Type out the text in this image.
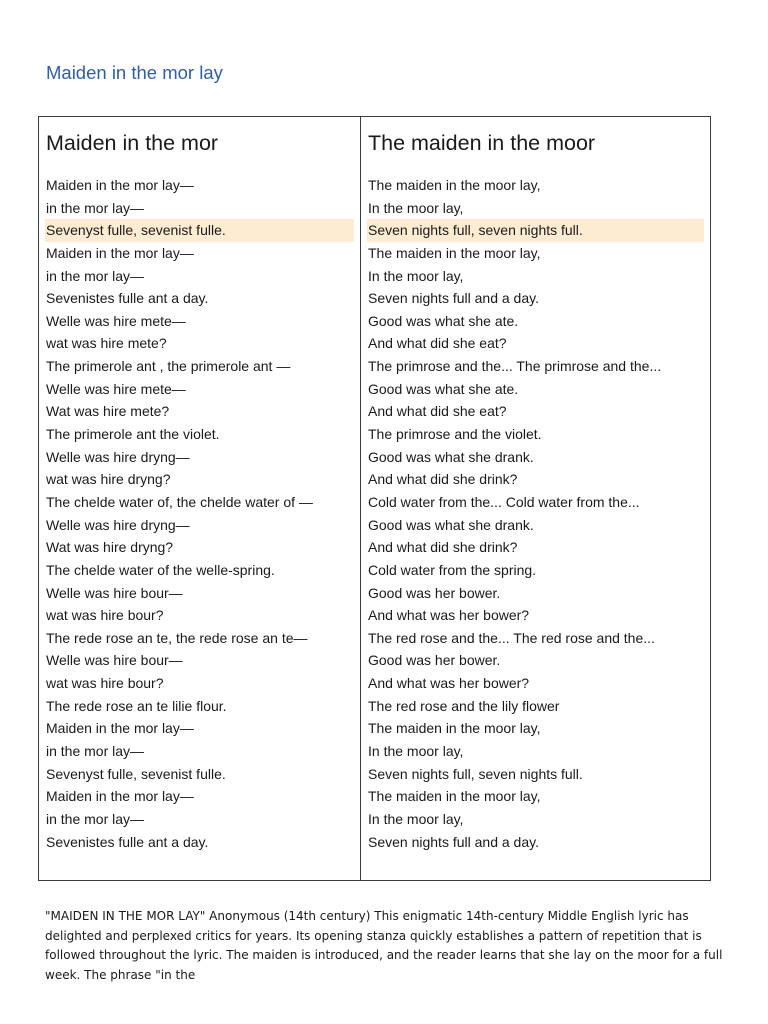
Maiden in the mor lay
Maiden in the mor
Maiden in the mor lay—
in the mor lay—
Sevenyst fulle, sevenist fulle.
Maiden in the mor lay—
in the mor lay—
Sevenistes fulle ant a day.
Welle was hire mete—
wat was hire mete?
The primerole ant , the primerole ant —
Welle was hire mete—
Wat was hire mete?
The primerole ant the violet.
Welle was hire dryng—
wat was hire dryng?
The chelde water of, the chelde water of —
Welle was hire dryng—
Wat was hire dryng?
The chelde water of the welle-spring.
Welle was hire bour—
wat was hire bour?
The rede rose an te, the rede rose an te—
Welle was hire bour—
wat was hire bour?
The rede rose an te lilie flour.
Maiden in the mor lay—
in the mor lay—
Sevenyst fulle, sevenist fulle.
Maiden in the mor lay—
in the mor lay—
Sevenistes fulle ant a day.
The maiden in the moor
The maiden in the moor lay,
In the moor lay,
Seven nights full, seven nights full.
The maiden in the moor lay,
In the moor lay,
Seven nights full and a day.
Good was what she ate.
And what did she eat?
The primrose and the... The primrose and the...
Good was what she ate.
And what did she eat?
The primrose and the violet.
Good was what she drank.
And what did she drink?
Cold water from the... Cold water from the...
Good was what she drank.
And what did she drink?
Cold water from the spring.
Good was her bower.
And what was her bower?
The red rose and the... The red rose and the...
Good was her bower.
And what was her bower?
The red rose and the lily flower
The maiden in the moor lay,
In the moor lay,
Seven nights full, seven nights full.
The maiden in the moor lay,
In the moor lay,
Seven nights full and a day.
"MAIDEN IN THE MOR LAY" Anonymous (14th century) This enigmatic 14th-century Middle English lyric has delighted and perplexed critics for years. Its opening stanza quickly establishes a pattern of repetition that is followed throughout the lyric. The maiden is introduced, and the reader learns that she lay on the moor for a full week. The phrase "in the
